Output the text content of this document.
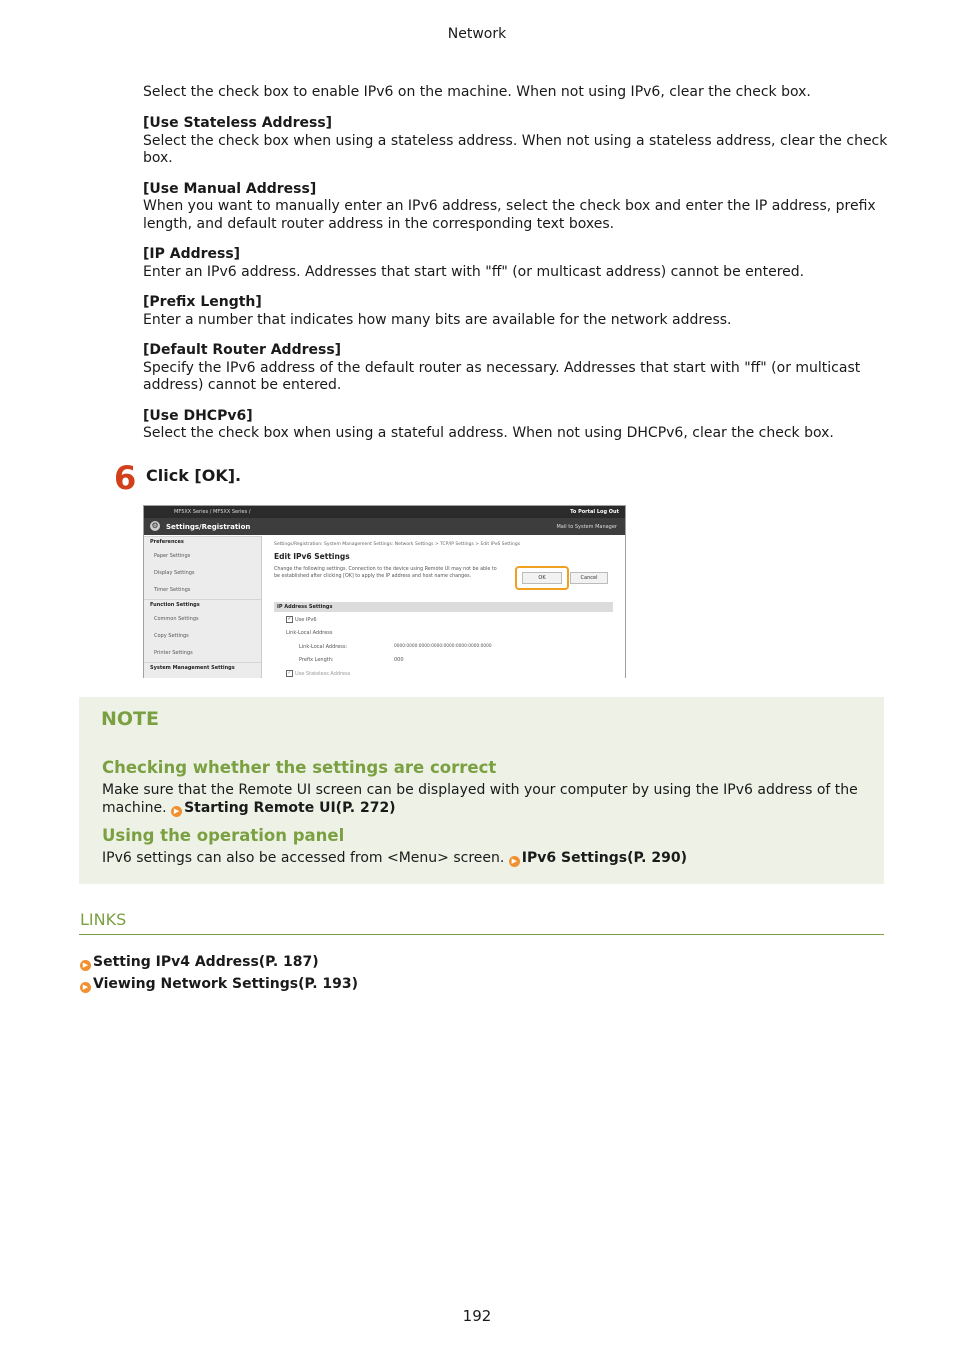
Network
Select the check box to enable IPv6 on the machine. When not using IPv6, clear the check box.
[Use Stateless Address]
Select the check box when using a stateless address. When not using a stateless address, clear the check box.
[Use Manual Address]
When you want to manually enter an IPv6 address, select the check box and enter the IP address, prefix length, and default router address in the corresponding text boxes.
[IP Address]
Enter an IPv6 address. Addresses that start with "ff" (or multicast address) cannot be entered.
[Prefix Length]
Enter a number that indicates how many bits are available for the network address.
[Default Router Address]
Specify the IPv6 address of the default router as necessary. Addresses that start with "ff" (or multicast address) cannot be entered.
[Use DHCPv6]
Select the check box when using a stateful address. When not using DHCPv6, clear the check box.
6 Click [OK].
MF5XX Series / MF5XX Series /	To Portal Log Out
⚙ Settings/Registration	Mail to System Manager
Preferences
Paper Settings
Display Settings
Timer Settings
Function Settings
Common Settings
Copy Settings
Printer Settings
System Management Settings
Settings/Registration: System Management Settings: Network Settings > TCP/IP Settings > Edit IPv6 Settings
Edit IPv6 Settings
Change the following settings. Connection to the device using Remote UI may not be able to be established after clicking [OK] to apply the IP address and host name changes.	OK	Cancel
IP Address Settings
✓ Use IPv6
Link-Local Address
Link-Local Address:	0000:0000:0000:0000:0000:0000:0000:0000
Prefix Length:	000
✓ Use Stateless Address
NOTE
Checking whether the settings are correct
Make sure that the Remote UI screen can be displayed with your computer by using the IPv6 address of the machine. ▶ Starting Remote UI(P. 272)
Using the operation panel
IPv6 settings can also be accessed from <Menu> screen. ▶ IPv6 Settings(P. 290)
LINKS
▶ Setting IPv4 Address(P. 187)
▶ Viewing Network Settings(P. 193)
192
